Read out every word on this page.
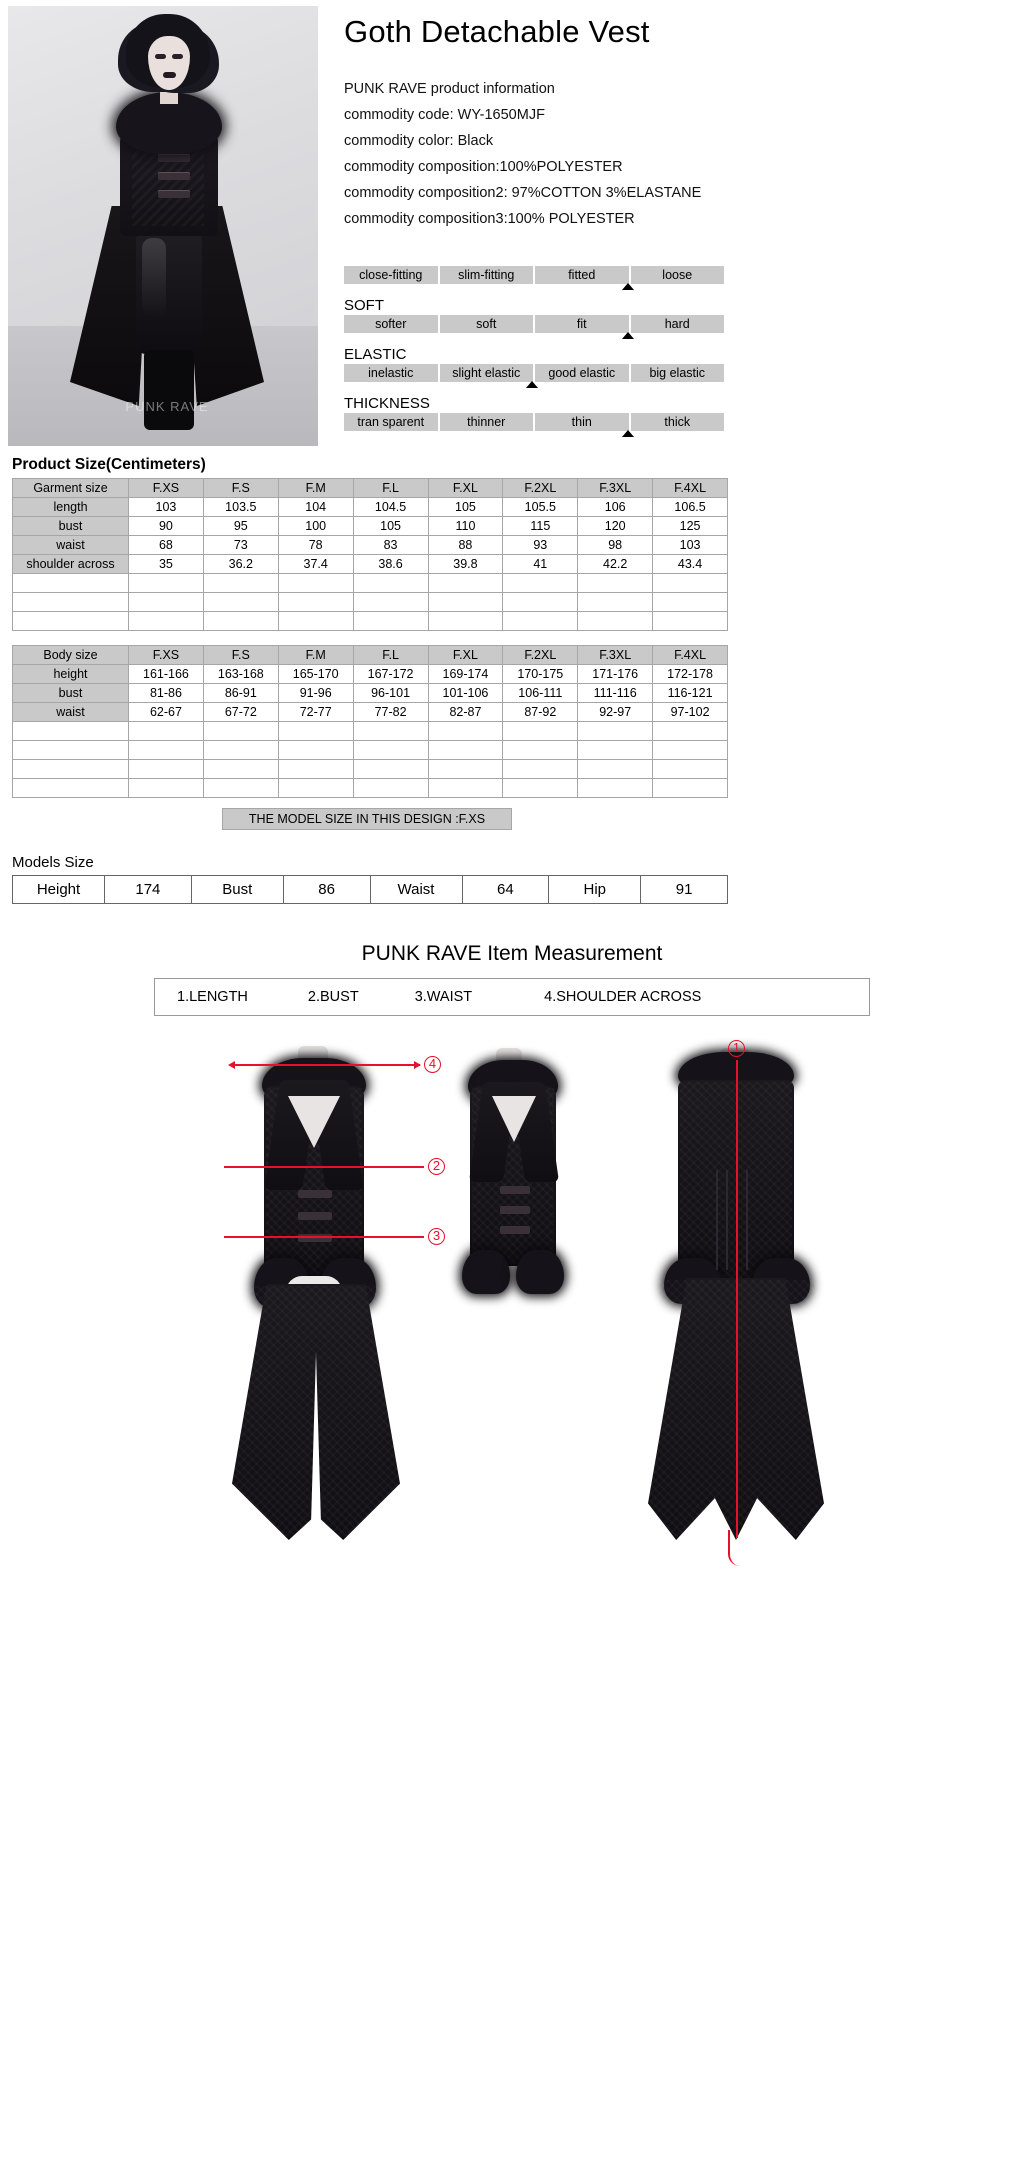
PUNK RAVE
Goth Detachable Vest
PUNK RAVE product information
commodity code: WY-1650MJF
commodity color: Black
commodity composition:100%POLYESTER
commodity composition2: 97%COTTON 3%ELASTANE
commodity composition3:100% POLYESTER
close-fitting	slim-fitting	fitted	loose
SOFT
softer	soft	fit	hard
ELASTIC
inelastic	slight elastic	good elastic	big elastic
THICKNESS
tran sparent	thinner	thin	thick
Product Size(Centimeters)
Garment size	F.XS	F.S	F.M	F.L	F.XL	F.2XL	F.3XL	F.4XL
length	103	103.5	104	104.5	105	105.5	106	106.5
bust	90	95	100	105	110	115	120	125
waist	68	73	78	83	88	93	98	103
shoulder across	35	36.2	37.4	38.6	39.8	41	42.2	43.4

Body size	F.XS	F.S	F.M	F.L	F.XL	F.2XL	F.3XL	F.4XL
height	161-166	163-168	165-170	167-172	169-174	170-175	171-176	172-178
bust	81-86	86-91	91-96	96-101	101-106	106-111	111-116	116-121
waist	62-67	67-72	72-77	77-82	82-87	87-92	92-97	97-102

THE MODEL SIZE IN THIS DESIGN :F.XS
Models Size
Height	174	Bust	86	Waist	64	Hip	91
PUNK RAVE Item Measurement
1.LENGTH	2.BUST	3.WAIST	4.SHOULDER ACROSS
4
2
3
1
